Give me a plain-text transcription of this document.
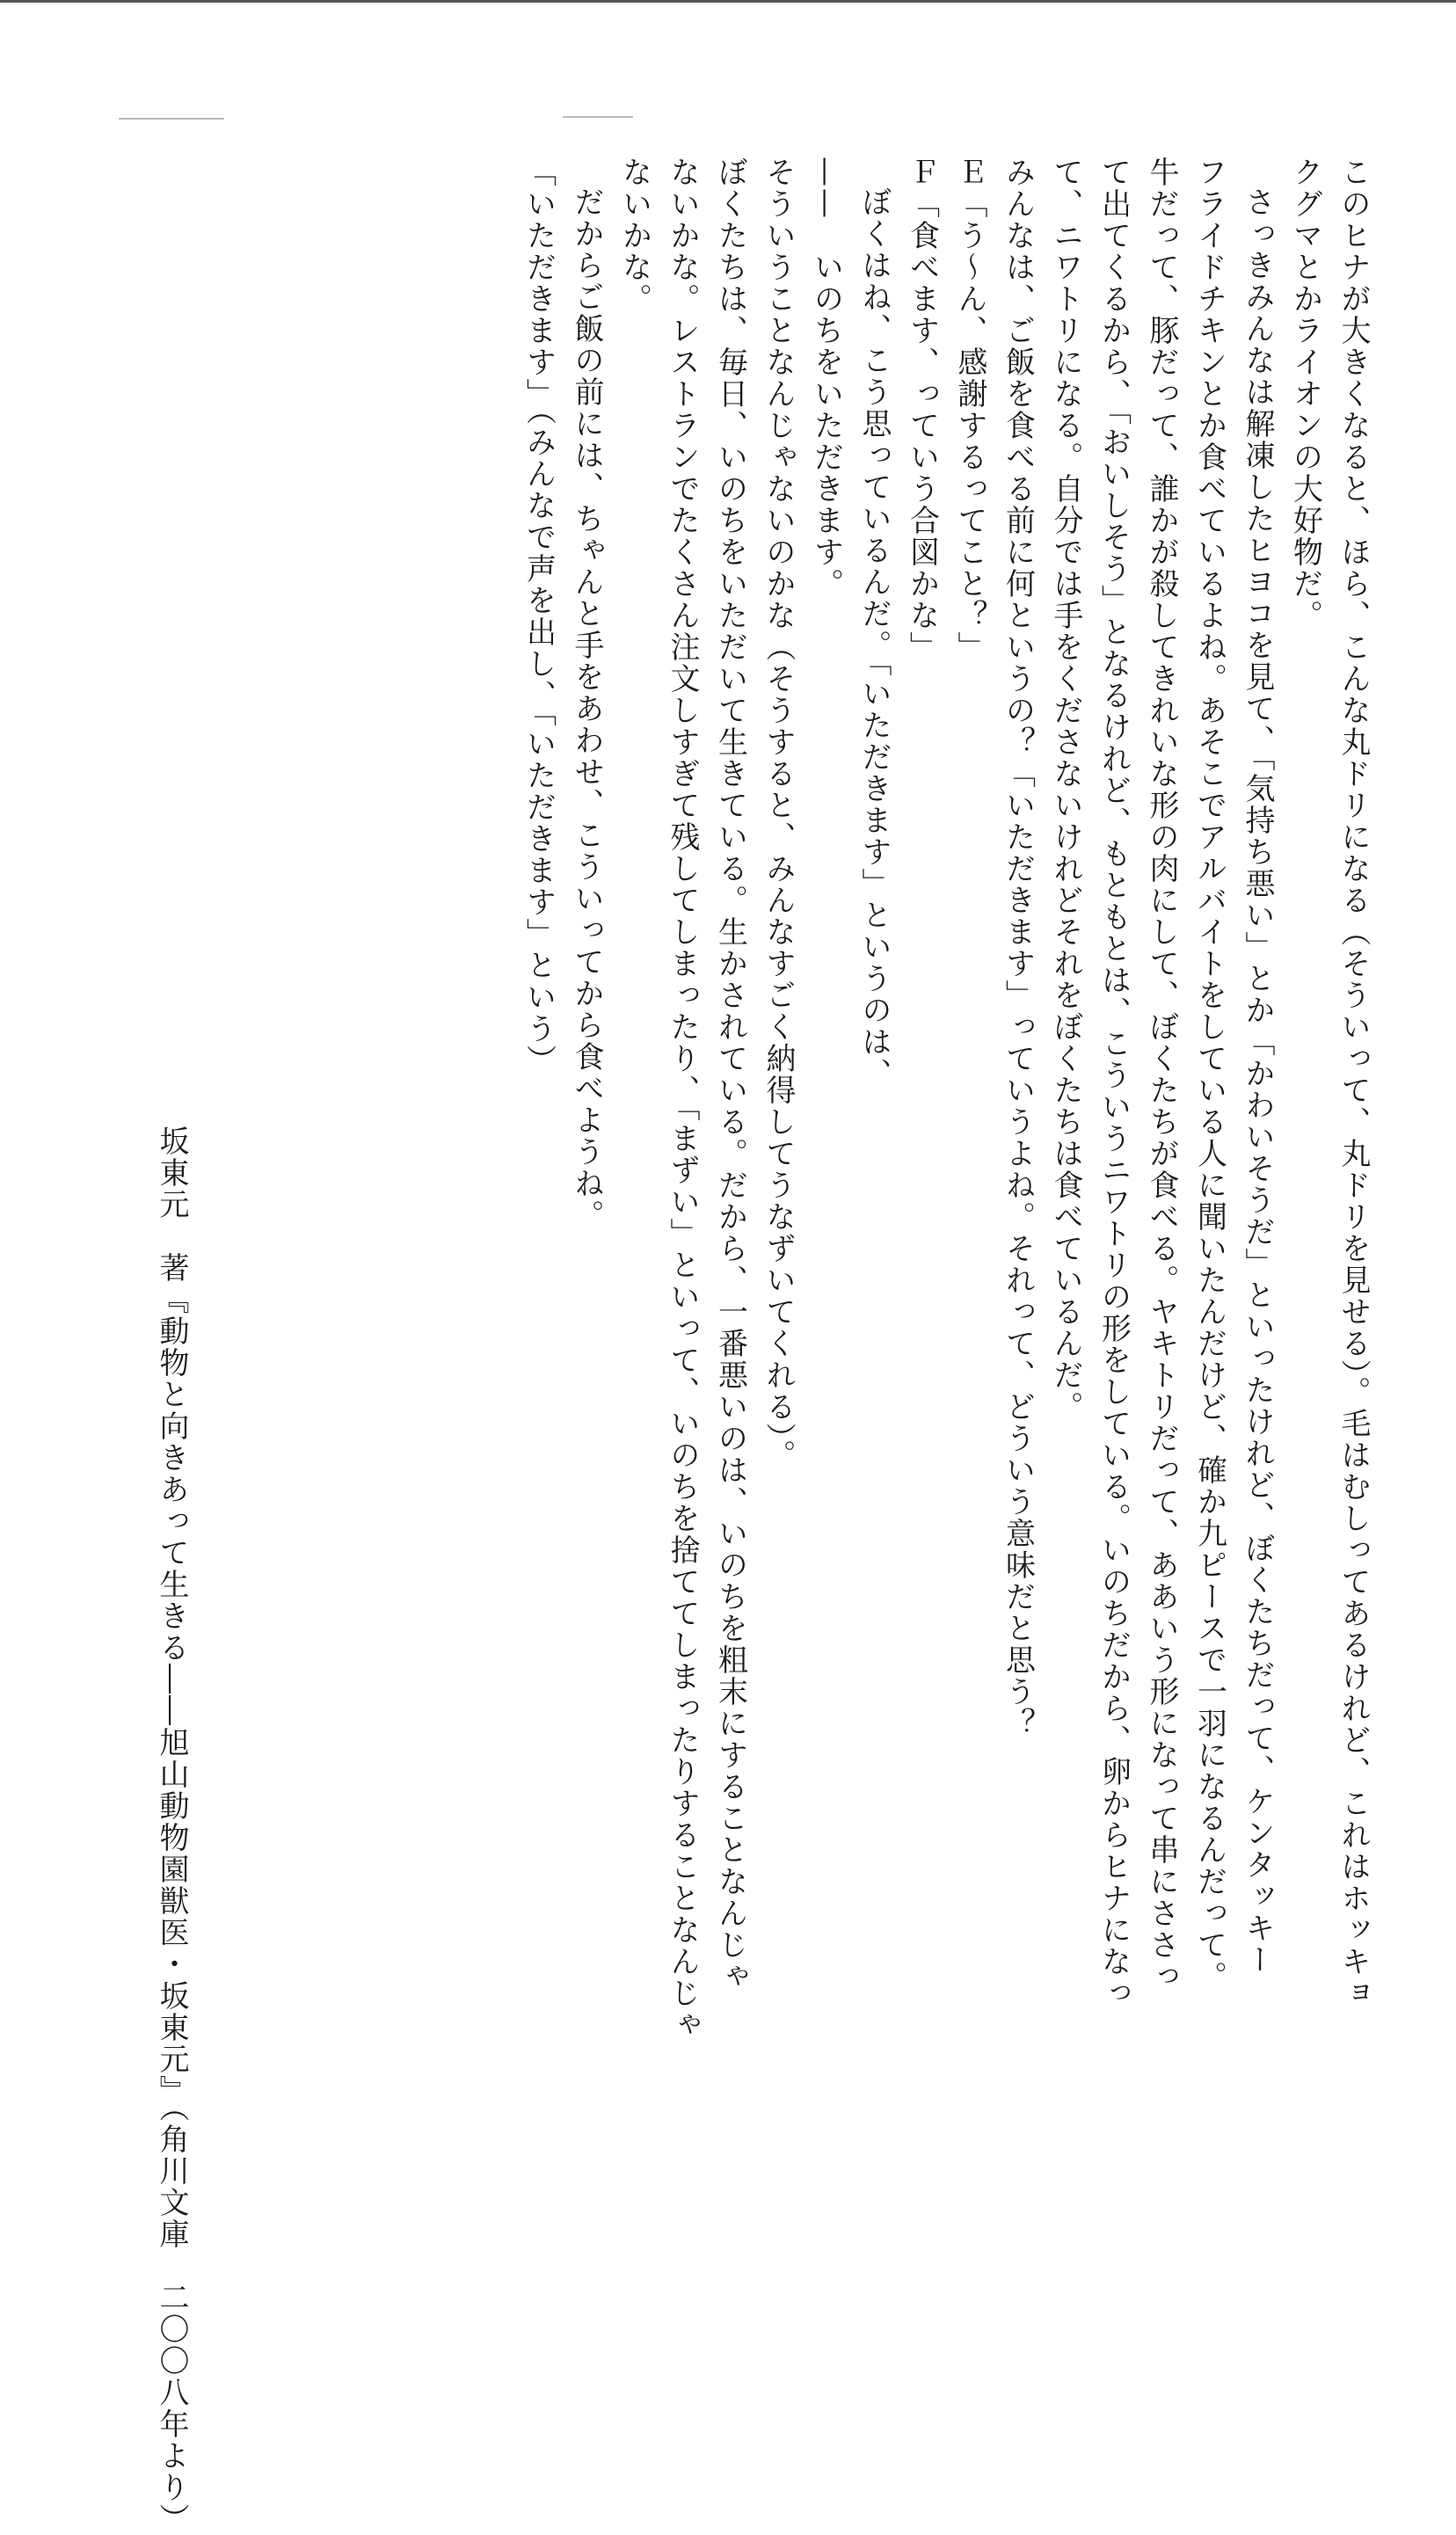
このヒナが大きくなると、ほら、こんな丸ドリになる（そういって、丸ドリを見せる）。毛はむしってあるけれど、これはホッキョ
クグマとかライオンの大好物だ。
さっきみんなは解凍したヒヨコを見て、「気持ち悪い」とか「かわいそうだ」といったけれど、ぼくたちだって、ケンタッキー
フライドチキンとか食べているよね。あそこでアルバイトをしている人に聞いたんだけど、確か九ピースで一羽になるんだって。
牛だって、豚だって、誰かが殺してきれいな形の肉にして、ぼくたちが食べる。ヤキトリだって、ああいう形になって串にささっ
て出てくるから、「おいしそう」となるけれど、もともとは、こういうニワトリの形をしている。いのちだから、卵からヒナになっ
て、ニワトリになる。自分では手をくださないけれどそれをぼくたちは食べているんだ。
みんなは、ご飯を食べる前に何というの？「いただきます」っていうよね。それって、どういう意味だと思う？
Ｅ「う〜ん、感謝するってこと？」
Ｆ「食べます、っていう合図かな」
ぼくはね、こう思っているんだ。「いただきます」というのは、
——　いのちをいただきます。
そういうことなんじゃないのかな（そうすると、みんなすごく納得してうなずいてくれる）。
ぼくたちは、毎日、いのちをいただいて生きている。生かされている。だから、一番悪いのは、いのちを粗末にすることなんじゃ
ないかな。レストランでたくさん注文しすぎて残してしまったり、「まずい」といって、いのちを捨ててしまったりすることなんじゃ
ないかな。
だからご飯の前には、ちゃんと手をあわせ、こういってから食べようね。
「いただきます」（みんなで声を出し、「いただきます」という）
坂東元　著『動物と向きあって生きる――旭山動物園獣医・坂東元』（角川文庫　二〇〇八年より）
